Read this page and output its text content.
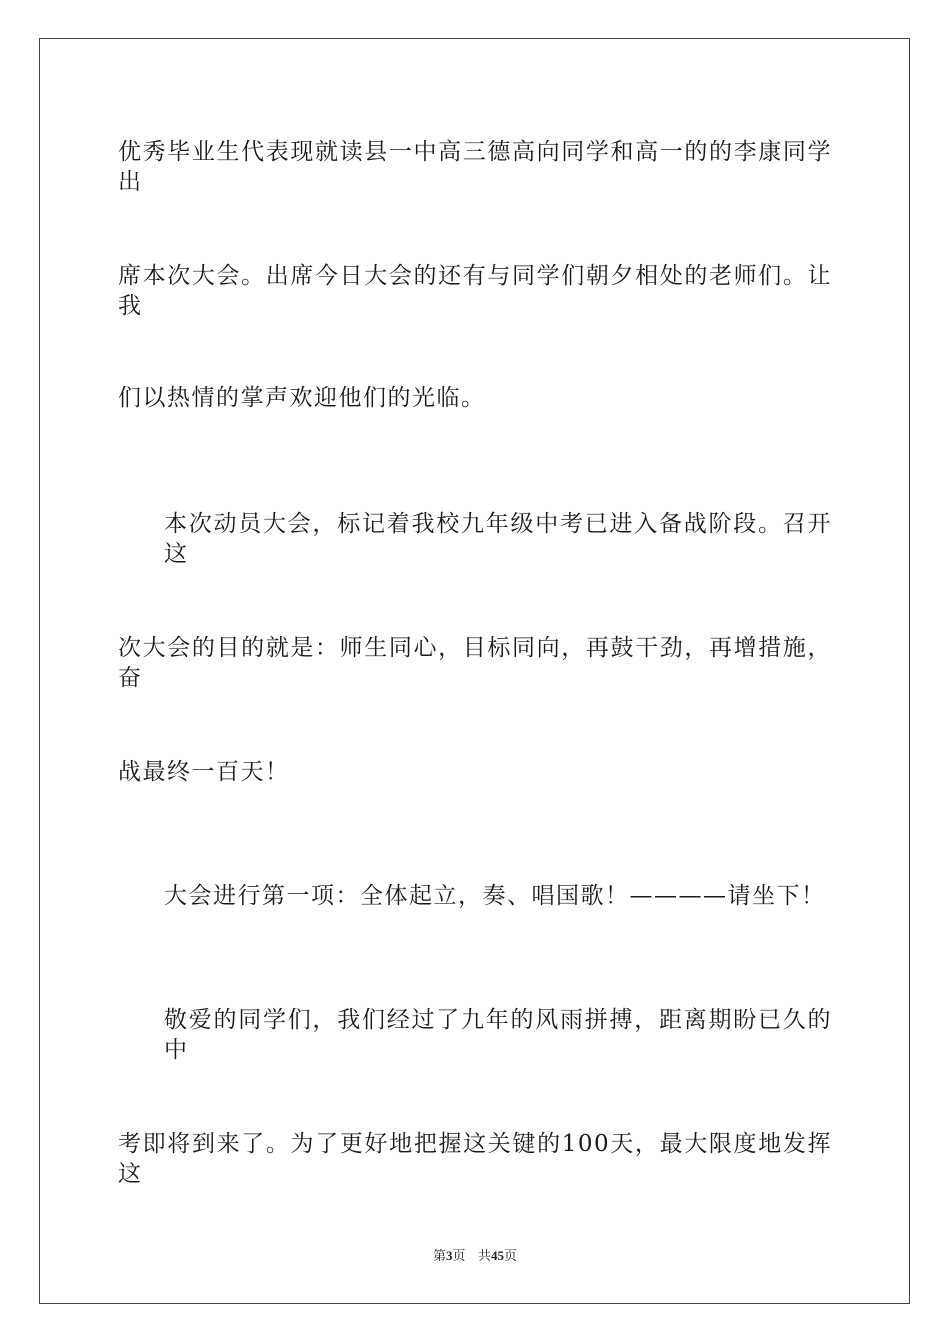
优秀毕业生代表现就读县一中高三德高向同学和高一的的李康同学出
席本次大会。出席今日大会的还有与同学们朝夕相处的老师们。让我
们以热情的掌声欢迎他们的光临。
本次动员大会，标记着我校九年级中考已进入备战阶段。召开这
次大会的目的就是：师生同心，目标同向，再鼓干劲，再增措施，奋
战最终一百天！
大会进行第一项：全体起立，奏、唱国歌！————请坐下！
敬爱的同学们，我们经过了九年的风雨拼搏，距离期盼已久的中
考即将到来了。为了更好地把握这关键的100天，最大限度地发挥这
第3页 共45页
